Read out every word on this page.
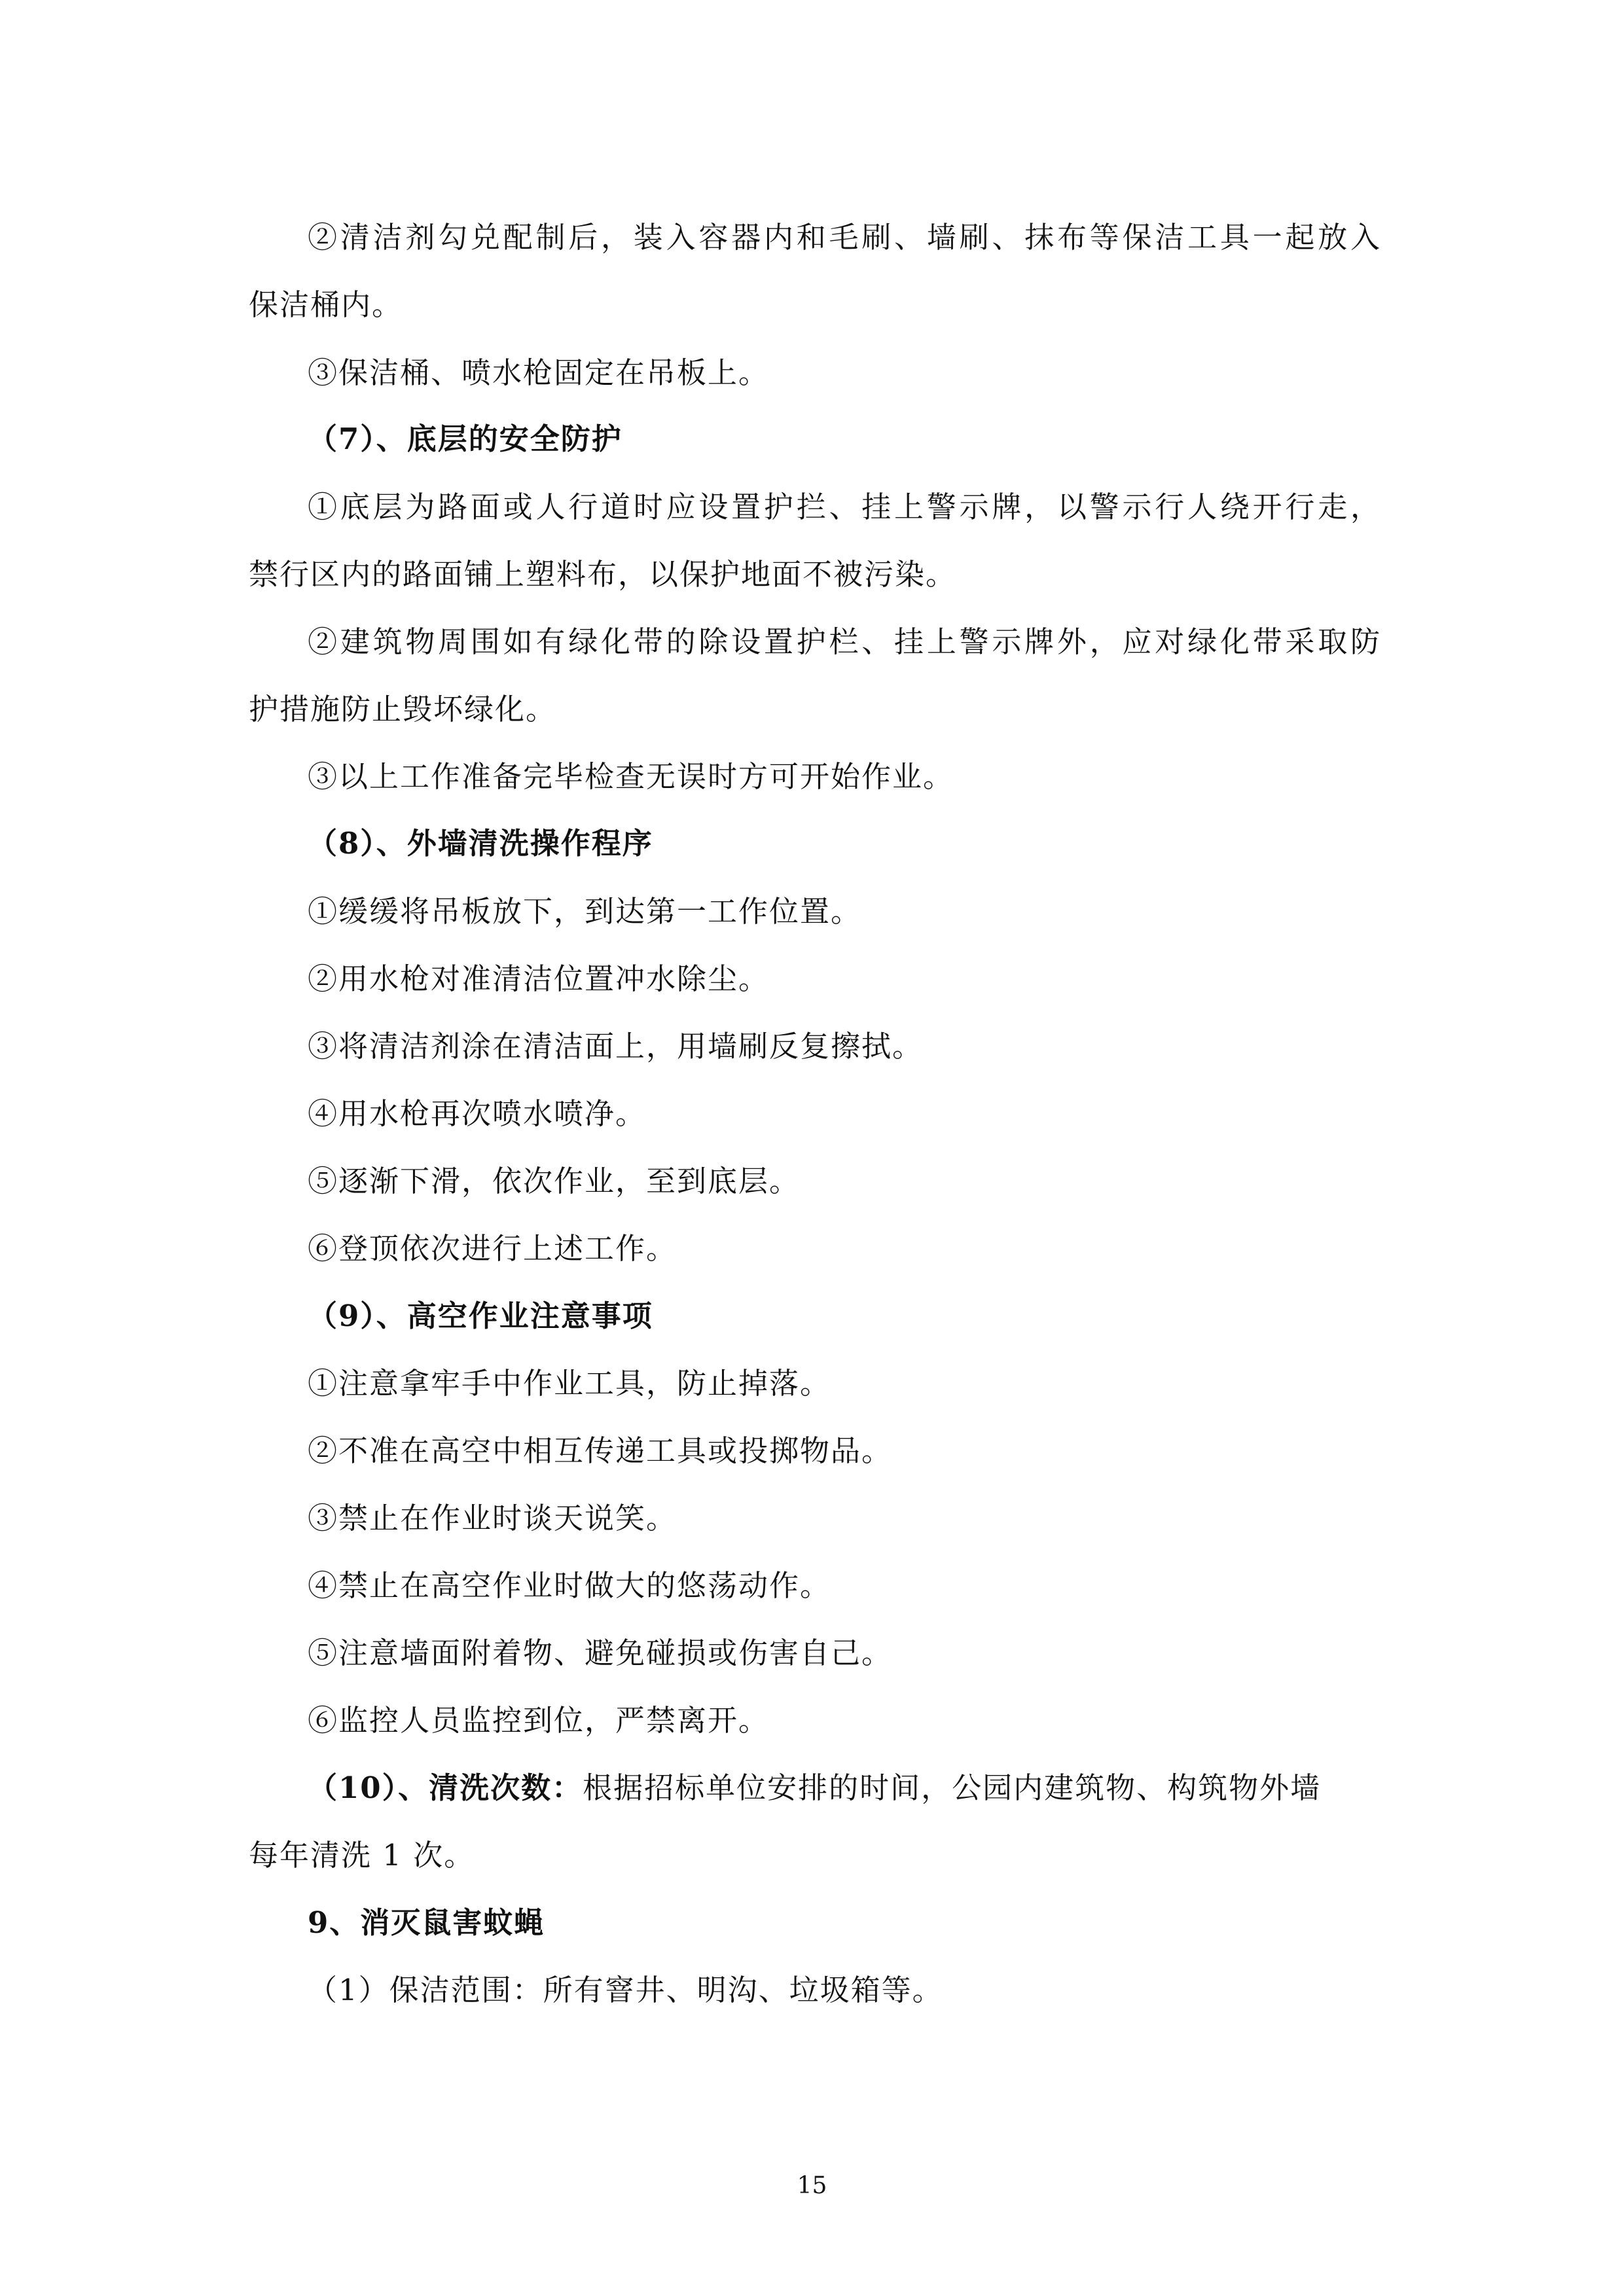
②清洁剂勾兑配制后，装入容器内和毛刷、墙刷、抹布等保洁工具一起放入
保洁桶内。
③保洁桶、喷水枪固定在吊板上。
（7）、底层的安全防护
①底层为路面或人行道时应设置护拦、挂上警示牌，以警示行人绕开行走，
禁行区内的路面铺上塑料布，以保护地面不被污染。
②建筑物周围如有绿化带的除设置护栏、挂上警示牌外，应对绿化带采取防
护措施防止毁坏绿化。
③以上工作准备完毕检查无误时方可开始作业。
（8）、外墙清洗操作程序
①缓缓将吊板放下，到达第一工作位置。
②用水枪对准清洁位置冲水除尘。
③将清洁剂涂在清洁面上，用墙刷反复擦拭。
④用水枪再次喷水喷净。
⑤逐渐下滑，依次作业，至到底层。
⑥登顶依次进行上述工作。
（9）、高空作业注意事项
①注意拿牢手中作业工具，防止掉落。
②不准在高空中相互传递工具或投掷物品。
③禁止在作业时谈天说笑。
④禁止在高空作业时做大的悠荡动作。
⑤注意墙面附着物、避免碰损或伤害自己。
⑥监控人员监控到位，严禁离开。
（10）、清洗次数：根据招标单位安排的时间，公园内建筑物、构筑物外墙
每年清洗 1 次。
9、消灭鼠害蚊蝇
（1）保洁范围：所有窨井、明沟、垃圾箱等。
15
